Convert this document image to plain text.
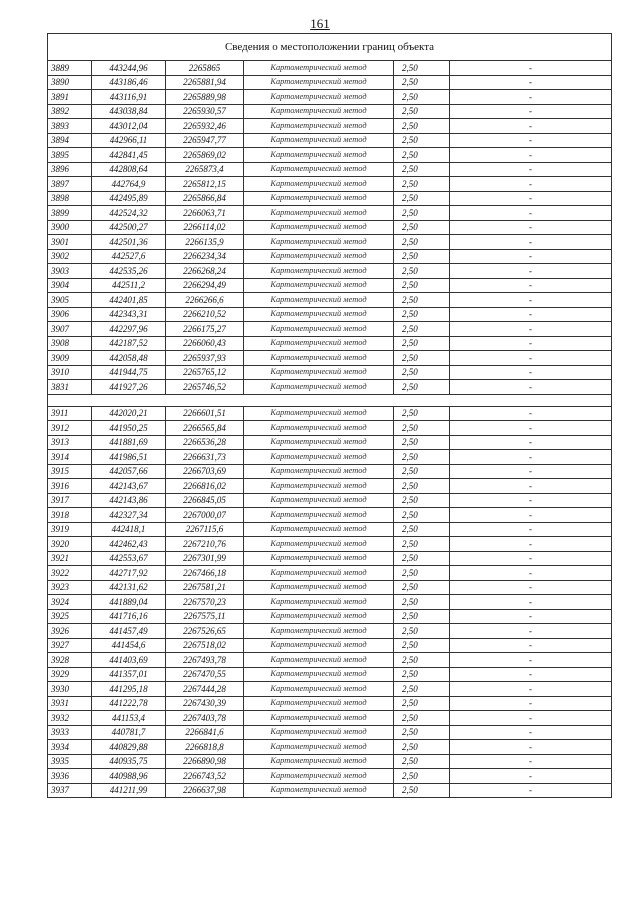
161
Сведения о местоположении границ объекта					
3889	443244,96	2265865	Картометрический метод	2,50	-
3890	443186,46	2265881,94	Картометрический метод	2,50	-
3891	443116,91	2265889,98	Картометрический метод	2,50	-
3892	443038,84	2265930,57	Картометрический метод	2,50	-
3893	443012,04	2265932,46	Картометрический метод	2,50	-
3894	442966,11	2265947,77	Картометрический метод	2,50	-
3895	442841,45	2265869,02	Картометрический метод	2,50	-
3896	442808,64	2265873,4	Картометрический метод	2,50	-
3897	442764,9	2265812,15	Картометрический метод	2,50	-
3898	442495,89	2265866,84	Картометрический метод	2,50	-
3899	442524,32	2266063,71	Картометрический метод	2,50	-
3900	442500,27	2266114,02	Картометрический метод	2,50	-
3901	442501,36	2266135,9	Картометрический метод	2,50	-
3902	442527,6	2266234,34	Картометрический метод	2,50	-
3903	442535,26	2266268,24	Картометрический метод	2,50	-
3904	442511,2	2266294,49	Картометрический метод	2,50	-
3905	442401,85	2266266,6	Картометрический метод	2,50	-
3906	442343,31	2266210,52	Картометрический метод	2,50	-
3907	442297,96	2266175,27	Картометрический метод	2,50	-
3908	442187,52	2266060,43	Картометрический метод	2,50	-
3909	442058,48	2265937,93	Картометрический метод	2,50	-
3910	441944,75	2265765,12	Картометрический метод	2,50	-
3831	441927,26	2265746,52	Картометрический метод	2,50	-

3911	442020,21	2266601,51	Картометрический метод	2,50	-
3912	441950,25	2266565,84	Картометрический метод	2,50	-
3913	441881,69	2266536,28	Картометрический метод	2,50	-
3914	441986,51	2266631,73	Картометрический метод	2,50	-
3915	442057,66	2266703,69	Картометрический метод	2,50	-
3916	442143,67	2266816,02	Картометрический метод	2,50	-
3917	442143,86	2266845,05	Картометрический метод	2,50	-
3918	442327,34	2267000,07	Картометрический метод	2,50	-
3919	442418,1	2267115,6	Картометрический метод	2,50	-
3920	442462,43	2267210,76	Картометрический метод	2,50	-
3921	442553,67	2267301,99	Картометрический метод	2,50	-
3922	442717,92	2267466,18	Картометрический метод	2,50	-
3923	442131,62	2267581,21	Картометрический метод	2,50	-
3924	441889,04	2267570,23	Картометрический метод	2,50	-
3925	441716,16	2267575,11	Картометрический метод	2,50	-
3926	441457,49	2267526,65	Картометрический метод	2,50	-
3927	441454,6	2267518,02	Картометрический метод	2,50	-
3928	441403,69	2267493,78	Картометрический метод	2,50	-
3929	441357,01	2267470,55	Картометрический метод	2,50	-
3930	441295,18	2267444,28	Картометрический метод	2,50	-
3931	441222,78	2267430,39	Картометрический метод	2,50	-
3932	441153,4	2267403,78	Картометрический метод	2,50	-
3933	440781,7	2266841,6	Картометрический метод	2,50	-
3934	440829,88	2266818,8	Картометрический метод	2,50	-
3935	440935,75	2266890,98	Картометрический метод	2,50	-
3936	440988,96	2266743,52	Картометрический метод	2,50	-
3937	441211,99	2266637,98	Картометрический метод	2,50	-
